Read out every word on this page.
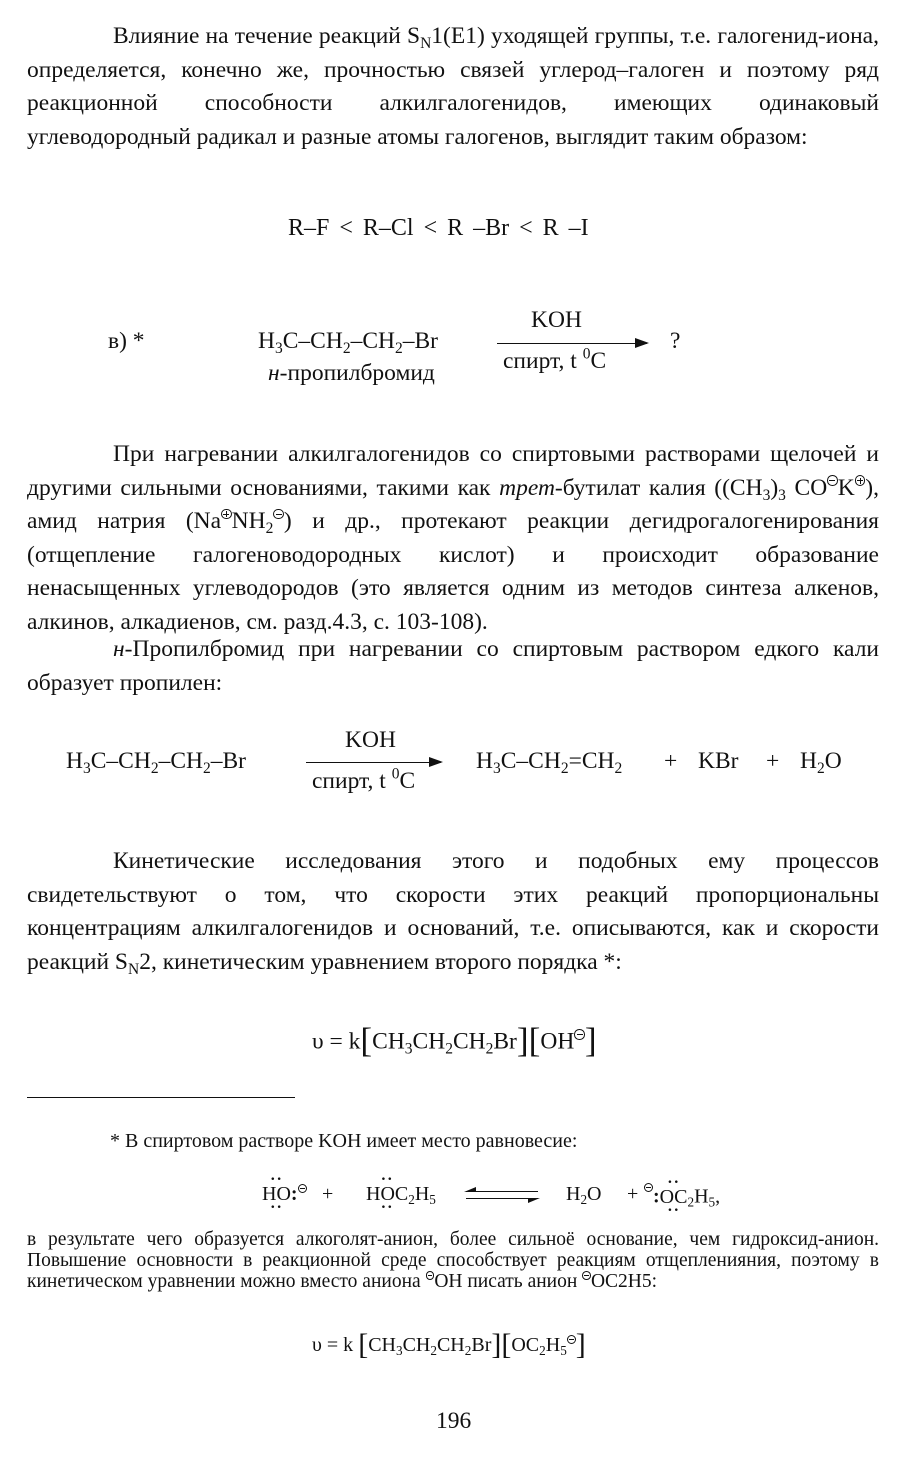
Влияние на течение реакций $S_N1(E1)$ уходящей группы, т.е. галогенид-иона, определяется, конечно же, прочностью связей углерод–галоген и поэтому ряд реакционной способности алкилгалогенидов, имеющих одинаковый углеводородный радикал и разные атомы галогенов, выглядит таким образом:

R–F < R–Cl < R –Br < R –I
в) *	$H_3C-CH_2-CH_2-Br$
н-пропилбромид
KOH
спирт, t $^0$C
?

При нагревании алкилгалогенидов со спиртовыми растворами щелочей и другими сильными основаниями, такими как трет-бутилат калия ($(CH_3)_3$ CO K ), амид натрия (Na $NH_2$ ) и др., протекают реакции дегидрогалогенирования (отщепление галогеноводородных кислот) и происходит образование ненасыщенных углеводородов (это является одним из методов синтеза алкенов, алкинов, алкадиенов, см. разд.4.3, с. 103-108).

н-Пропилбромид при нагревании со спиртовым раствором едкого кали образует пропилен:

$H_3C-CH_2-CH_2-Br$
KOH
спирт, t $^0$C
$H_3C-CH_2=CH_2$ + KBr + $H_2O$

Кинетические исследования этого и подобных ему процессов свидетельствуют о том, что скорости этих реакций пропорциональны концентрациям алкилгалогенидов и оснований, т.е. описываются, как и скорости реакций $S_N2$, кинетическим уравнением второго порядка *:

$\upsilon = k[CH_3CH_2CH_2Br][OH$ ]
* В спиртовом растворе KOH имеет место равновесие:
·· HO ··:	+ ·· HOC $\cdot\cdot_2H_5$	$H_2O$ + :·· OC $\cdot\cdot_2H_5$,

в результате чего образуется алкоголят-анион, более сильноё основание, чем гидроксид-анион. Повышение основности в реакционной среде способствует реакциям отщепленияния, поэтому в кинетическом уравнении можно вместо аниона OH писать анион OC2H5:

υ = k $[CH_3CH_2CH_2Br][OC_2H_5$ ]
196
